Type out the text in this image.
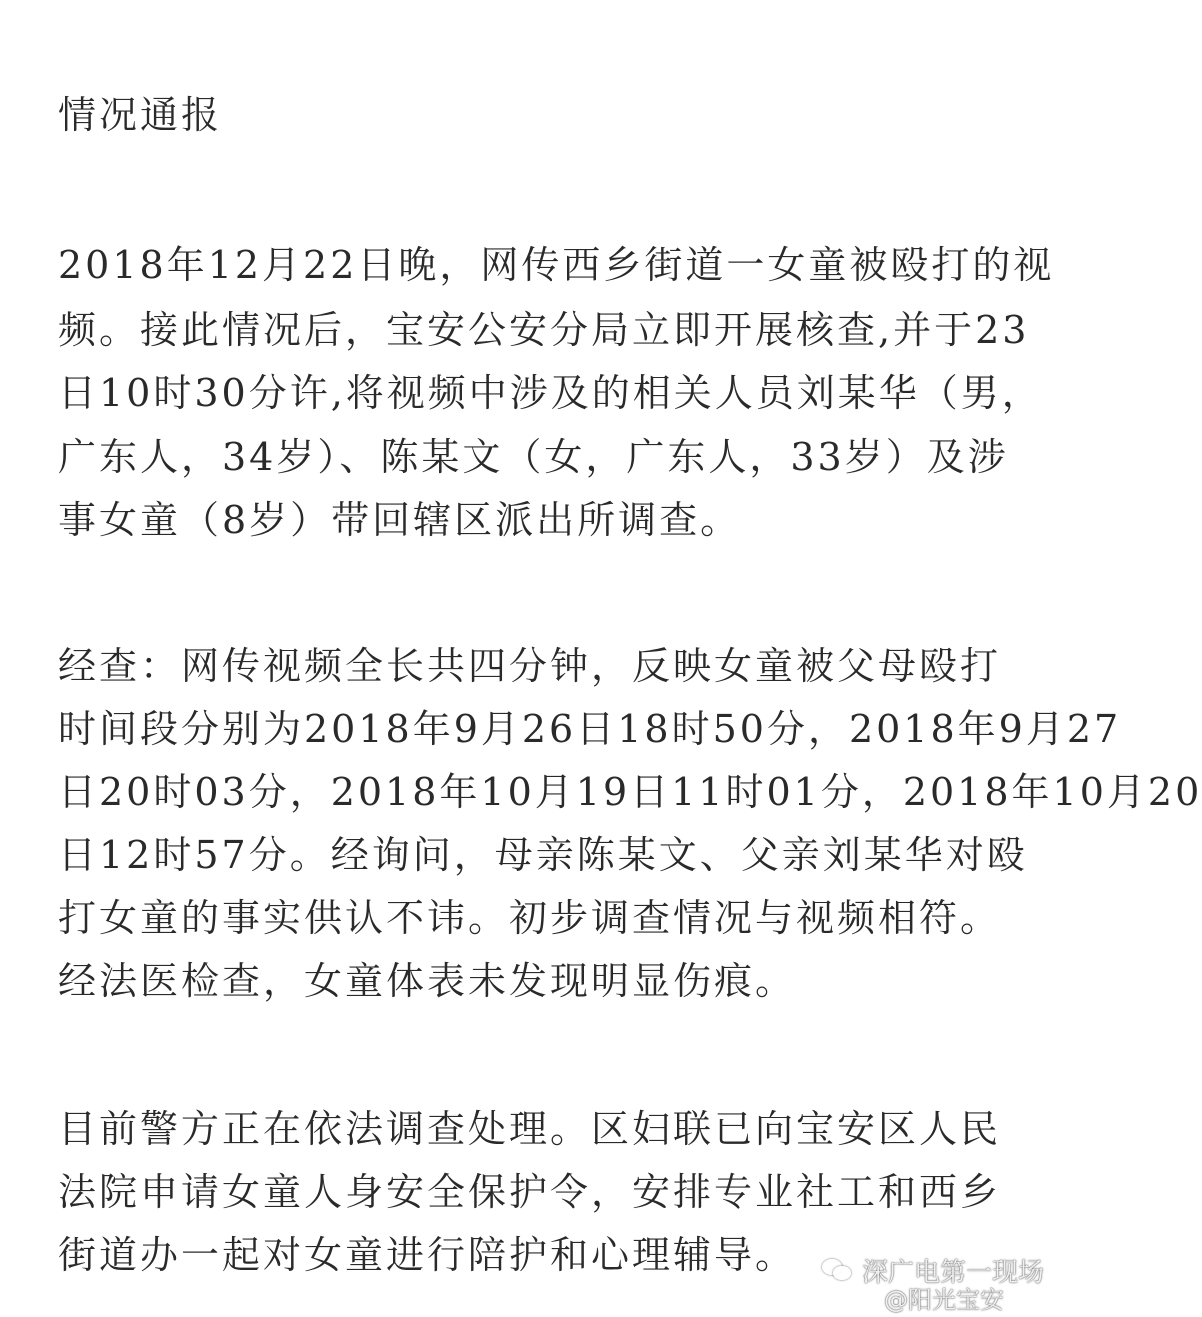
情况通报
2018年12月22日晚，网传西乡街道一女童被殴打的视
频。接此情况后，宝安公安分局立即开展核查,并于23
日10时30分许,将视频中涉及的相关人员刘某华（男，
广东人，34岁）、陈某文（女，广东人，33岁）及涉
事女童（8岁）带回辖区派出所调查。
经查：网传视频全长共四分钟，反映女童被父母殴打
时间段分别为2018年9月26日18时50分，2018年9月27
日20时03分，2018年10月19日11时01分，2018年10月20
日12时57分。经询问，母亲陈某文、父亲刘某华对殴
打女童的事实供认不讳。初步调查情况与视频相符。
经法医检查，女童体表未发现明显伤痕。
目前警方正在依法调查处理。区妇联已向宝安区人民
法院申请女童人身安全保护令，安排专业社工和西乡
街道办一起对女童进行陪护和心理辅导。	深广电第一现场
@阳光宝安
